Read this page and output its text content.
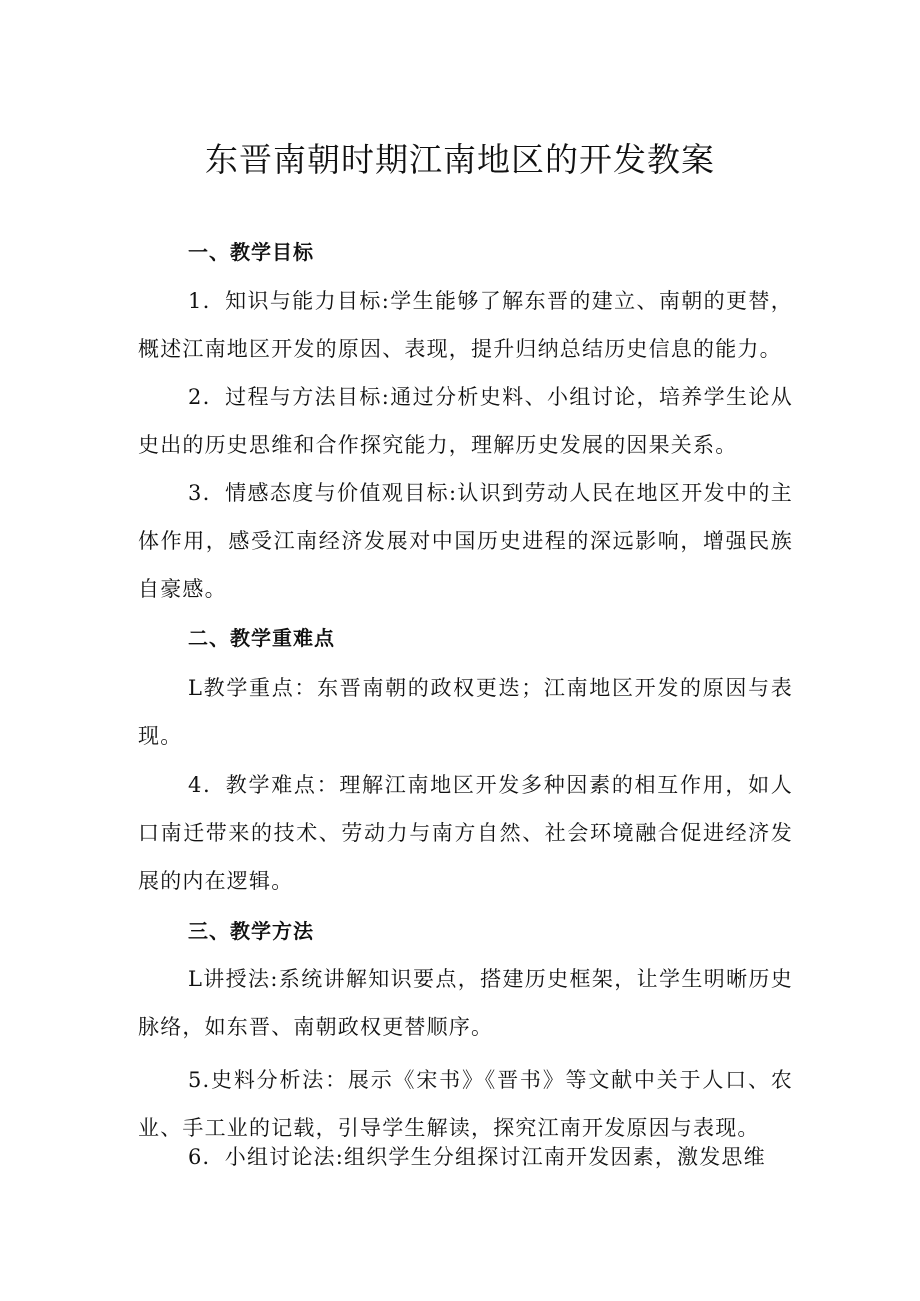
东晋南朝时期江南地区的开发教案
一、教学目标

1．知识与能力目标:学生能够了解东晋的建立、南朝的更替，概述江南地区开发的原因、表现，提升归纳总结历史信息的能力。

2．过程与方法目标:通过分析史料、小组讨论，培养学生论从史出的历史思维和合作探究能力，理解历史发展的因果关系。

3．情感态度与价值观目标:认识到劳动人民在地区开发中的主体作用，感受江南经济发展对中国历史进程的深远影响，增强民族自豪感。

二、教学重难点

L教学重点：东晋南朝的政权更迭；江南地区开发的原因与表现。

4．教学难点：理解江南地区开发多种因素的相互作用，如人口南迁带来的技术、劳动力与南方自然、社会环境融合促进经济发展的内在逻辑。

三、教学方法

L讲授法:系统讲解知识要点，搭建历史框架，让学生明晰历史脉络，如东晋、南朝政权更替顺序。

5.史料分析法：展示《宋书》《晋书》等文献中关于人口、农业、手工业的记载，引导学生解读，探究江南开发原因与表现。

6．小组讨论法:组织学生分组探讨江南开发因素，激发思维
